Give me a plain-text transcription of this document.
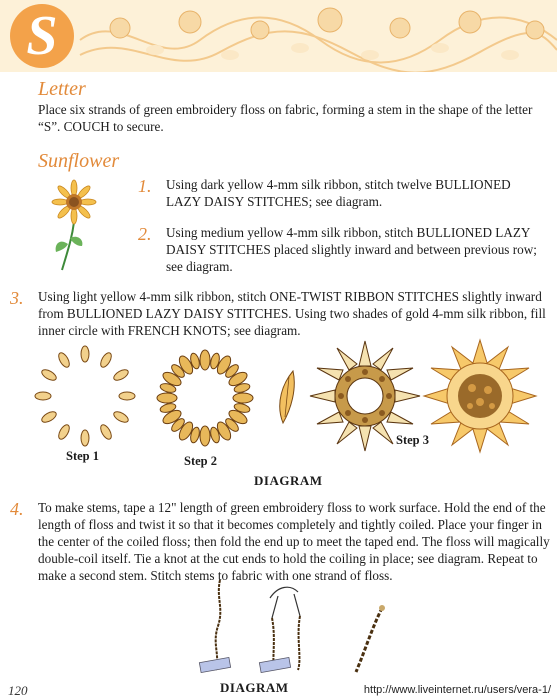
S
Letter

Place six strands of green embroidery floss on fabric, forming a stem in the shape of the letter “S”. COUCH to secure.

Sunflower
1. Using dark yellow 4-mm silk ribbon, stitch twelve BULLIONED LAZY DAISY STITCHES; see diagram.

2. Using medium yellow 4-mm silk ribbon, stitch BULLIONED LAZY DAISY STITCHES placed slightly inward and between previous row; see diagram.

3. Using light yellow 4-mm silk ribbon, stitch ONE-TWIST RIBBON STITCHES slightly inward from BULLIONED LAZY DAISY STITCHES. Using two shades of gold 4-mm silk ribbon, fill inner circle with FRENCH KNOTS; see diagram.

Step 1	Step 2
Step 3
DIAGRAM
4. To make stems, tape a 12" length of green embroidery floss to work surface. Hold the end of the length of floss and twist it so that it becomes completely and tightly coiled. Place your finger in the center of the coiled floss; then fold the end up to meet the taped end. The floss will magically double-coil itself. Tie a knot at the cut ends to hold the coiling in place; see diagram. Repeat to make a second stem. Stitch stems to fabric with one strand of floss.

DIAGRAM
120	http://www.liveinternet.ru/users/vera-1/
